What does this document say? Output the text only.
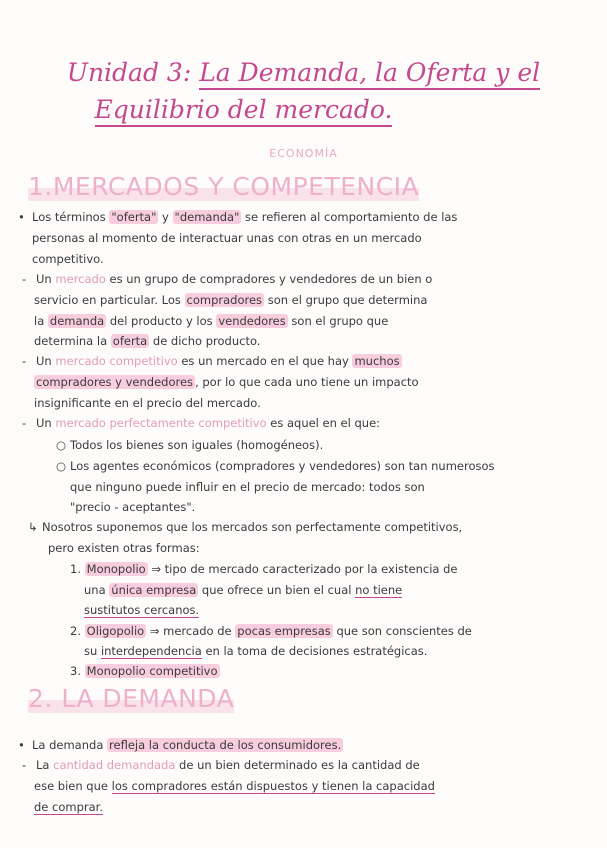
Unidad 3: La Demanda, la Oferta y el
Equilibrio del mercado.
ECONOMÍA
1.MERCADOS Y COMPETENCIA
• Los términos "oferta" y "demanda" se refieren al comportamiento de las
personas al momento de interactuar unas con otras en un mercado
competitivo.
- Un mercado es un grupo de compradores y vendedores de un bien o
servicio en particular. Los compradores son el grupo que determina
la demanda del producto y los vendedores son el grupo que
determina la oferta de dicho producto.
- Un mercado competitivo es un mercado en el que hay muchos
compradores y vendedores , por lo que cada uno tiene un impacto
insignificante en el precio del mercado.
- Un mercado perfectamente competitivo es aquel en el que:
○ Todos los bienes son iguales (homogéneos).
○ Los agentes económicos (compradores y vendedores) son tan numerosos
que ninguno puede influir en el precio de mercado: todos son
"precio - aceptantes".
↳ Nosotros suponemos que los mercados son perfectamente competitivos,
pero existen otras formas:
1. Monopolio ⇒ tipo de mercado caracterizado por la existencia de
una única empresa que ofrece un bien el cual no tiene
sustitutos cercanos.
2. Oligopolio ⇒ mercado de pocas empresas que son conscientes de
su interdependencia en la toma de decisiones estratégicas.
3. Monopolio competitivo
2. LA DEMANDA
• La demanda refleja la conducta de los consumidores.
- La cantidad demandada de un bien determinado es la cantidad de
ese bien que los compradores están dispuestos y tienen la capacidad
de comprar.
